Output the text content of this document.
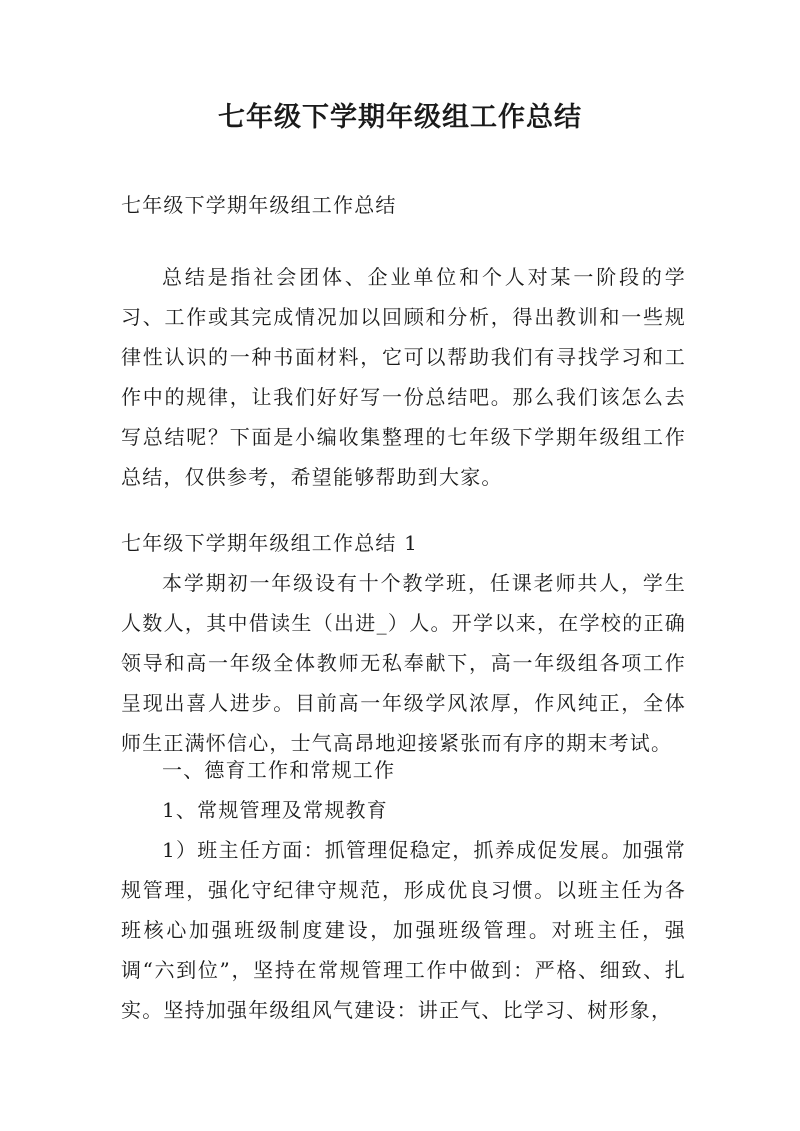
七年级下学期年级组工作总结

七年级下学期年级组工作总结

总结是指社会团体、企业单位和个人对某一阶段的学习、工作或其完成情况加以回顾和分析，得出教训和一些规律性认识的一种书面材料，它可以帮助我们有寻找学习和工作中的规律，让我们好好写一份总结吧。那么我们该怎么去写总结呢？下面是小编收集整理的七年级下学期年级组工作总结，仅供参考，希望能够帮助到大家。

七年级下学期年级组工作总结 1

本学期初一年级设有十个教学班，任课老师共人，学生人数人，其中借读生（出进_）人。开学以来，在学校的正确领导和高一年级全体教师无私奉献下，高一年级组各项工作呈现出喜人进步。目前高一年级学风浓厚，作风纯正，全体师生正满怀信心，士气高昂地迎接紧张而有序的期末考试。

一、德育工作和常规工作

1、常规管理及常规教育

1）班主任方面：抓管理促稳定，抓养成促发展。加强常规管理，强化守纪律守规范，形成优良习惯。以班主任为各班核心加强班级制度建设，加强班级管理。对班主任，强调“六到位”，坚持在常规管理工作中做到：严格、细致、扎实。坚持加强年级组风气建设：讲正气、比学习、树形象，
